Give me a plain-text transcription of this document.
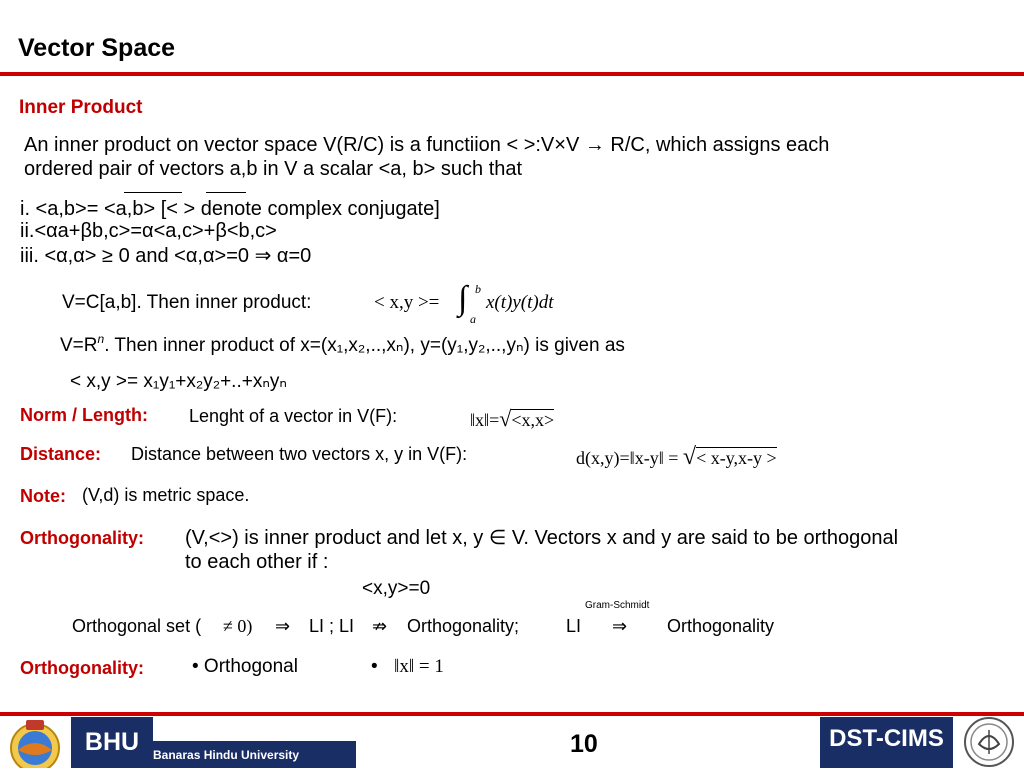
Vector Space
Inner Product
An inner product on vector space V(R/C) is a functiion < >:V×V → R/C, which assigns each
ordered pair of vectors a,b in V a scalar <a, b> such that
i. <a,b>= <a,b> [< > denote complex conjugate]
ii.<αa+βb,c>=α<a,c>+β<b,c>
iii. <α,α> ≥ 0 and <α,α>=0 ⇒ α=0
V=C[a,b]. Then inner product:	< x,y >= ∫ b
a
x(t)y(t)dt
$V=R^n$. Then inner product of x=(x₁,x₂,..,xₙ), y=(y₁,y₂,..,yₙ) is given as
< x,y >= x₁y₁+x₂y₂+..+xₙyₙ
Norm / Length: Lenght of a vector in V(F):	‖x‖=√<x,x>
Distance: Distance between two vectors x, y in V(F):	d(x,y)=‖x-y‖ = √< x-y,x-y >
Note: (V,d) is metric space.
Orthogonality: (V,<>) is inner product and let x, y ∈ V. Vectors x and y are said to be orthogonal
to each other if :
<x,y>=0
Gram-Schmidt
Orthogonal set ( ≠ 0) ⇒ LI ; LI ⇏ Orthogonality;	LI ⇒ Orthogonality
Orthogonality:	• Orthogonal	• ‖x‖ = 1
BHU	Banaras Hindu University	10	DST-CIMS
